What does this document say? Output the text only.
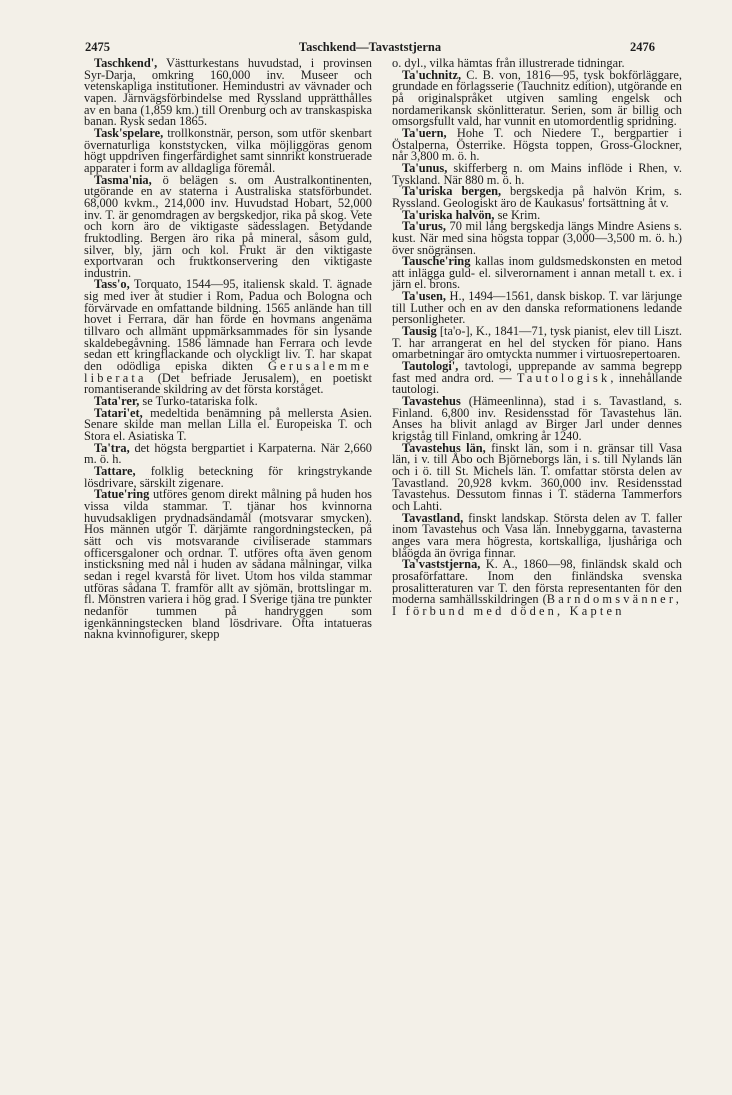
2475	Taschkend—Tavaststjerna	2476

Taschkend', Västturkestans huvudstad, i provinsen Syr-Darja, omkring 160,000 inv. Museer och vetenskapliga institutioner. Hemindustri av vävnader och vapen. Järnvägsförbindelse med Ryssland upprätthålles av en bana (1,859 km.) till Orenburg och av transkaspiska banan. Rysk sedan 1865.

Task'spelare, trollkonstnär, person, som utför skenbart övernaturliga konststycken, vilka möjliggöras genom högt uppdriven fingerfärdighet samt sinnrikt konstruerade apparater i form av alldagliga föremål.

Tasma'nia, ö belägen s. om Australkontinenten, utgörande en av staterna i Australiska statsförbundet. 68,000 kvkm., 214,000 inv. Huvudstad Hobart, 52,000 inv. T. är genomdragen av bergskedjor, rika på skog. Vete och korn äro de viktigaste sädesslagen. Betydande fruktodling. Bergen äro rika på mineral, såsom guld, silver, bly, järn och kol. Frukt är den viktigaste exportvaran och fruktkonservering den viktigaste industrin.

Tass'o, Torquato, 1544—95, italiensk skald. T. ägnade sig med iver åt studier i Rom, Padua och Bologna och förvärvade en omfattande bildning. 1565 anlände han till hovet i Ferrara, där han förde en hovmans angenäma tillvaro och allmänt uppmärksammades för sin lysande skaldebegåvning. 1586 lämnade han Ferrara och levde sedan ett kringflackande och olyckligt liv. T. har skapat den odödliga episka dikten Gerusalemme liberata (Det befriade Jerusalem), en poetiskt romantiserande skildring av det första korståget.

Tata'rer, se Turko-tatariska folk.

Tatari'et, medeltida benämning på mellersta Asien. Senare skilde man mellan Lilla el. Europeiska T. och Stora el. Asiatiska T.

Ta'tra, det högsta bergpartiet i Karpaterna. När 2,660 m. ö. h.

Tattare, folklig beteckning för kringstrykande lösdrivare, särskilt zigenare.

Tatue'ring utföres genom direkt målning på huden hos vissa vilda stammar. T. tjänar hos kvinnorna huvudsakligen prydnadsändamål (motsvarar smycken). Hos männen utgör T. därjämte rangordningstecken, på sätt och vis motsvarande civiliserade stammars officersgaloner och ordnar. T. utföres ofta även genom insticksning med nål i huden av sådana målningar, vilka sedan i regel kvarstå för livet. Utom hos vilda stammar utföras sådana T. framför allt av sjömän, brottslingar m. fl. Mönstren variera i hög grad. I Sverige tjäna tre punkter nedanför tummen på handryggen som igenkänningstecken bland lösdrivare. Ofta intatueras nakna kvinnofigurer, skepp

o. dyl., vilka hämtas från illustrerade tidningar.

Ta'uchnitz, C. B. von, 1816—95, tysk bokförläggare, grundade en förlagsserie (Tauchnitz edition), utgörande en på originalspråket utgiven samling engelsk och nordamerikansk skönlitteratur. Serien, som är billig och omsorgsfullt vald, har vunnit en utomordentlig spridning.

Ta'uern, Hohe T. och Niedere T., bergpartier i Östalperna, Österrike. Högsta toppen, Gross-Glockner, når 3,800 m. ö. h.

Ta'unus, skifferberg n. om Mains inflöde i Rhen, v. Tyskland. När 880 m. ö. h.

Ta'uriska bergen, bergskedja på halvön Krim, s. Ryssland. Geologiskt äro de Kaukasus' fortsättning åt v.

Ta'uriska halvön, se Krim.

Ta'urus, 70 mil lång bergskedja längs Mindre Asiens s. kust. När med sina högsta toppar (3,000—3,500 m. ö. h.) över snögränsen.

Tausche'ring kallas inom guldsmedskonsten en metod att inlägga guld- el. silverornament i annan metall t. ex. i järn el. brons.

Ta'usen, H., 1494—1561, dansk biskop. T. var lärjunge till Luther och en av den danska reformationens ledande personligheter.

Tausig [ta'o-], K., 1841—71, tysk pianist, elev till Liszt. T. har arrangerat en hel del stycken för piano. Hans omarbetningar äro omtyckta nummer i virtuosrepertoaren.

Tautologi', tavtologi, upprepande av samma begrepp fast med andra ord. — Tautologisk, innehållande tautologi.

Tavastehus (Hämeenlinna), stad i s. Tavastland, s. Finland. 6,800 inv. Residensstad för Tavastehus län. Anses ha blivit anlagd av Birger Jarl under dennes krigståg till Finland, omkring år 1240.

Tavastehus län, finskt län, som i n. gränsar till Vasa län, i v. till Åbo och Björneborgs län, i s. till Nylands län och i ö. till St. Michels län. T. omfattar största delen av Tavastland. 20,928 kvkm. 360,000 inv. Residensstad Tavastehus. Dessutom finnas i T. städerna Tammerfors och Lahti.

Tavastland, finskt landskap. Största delen av T. faller inom Tavastehus och Vasa län. Innebyggarna, tavasterna anges vara mera högresta, kortskalliga, ljushåriga och blåögda än övriga finnar.

Ta'vaststjerna, K. A., 1860—98, finländsk skald och prosaförfattare. Inom den finländska svenska prosalitteraturen var T. den första representanten för den moderna samhällsskildringen (Barndomsvänner, I förbund med döden, Kapten
